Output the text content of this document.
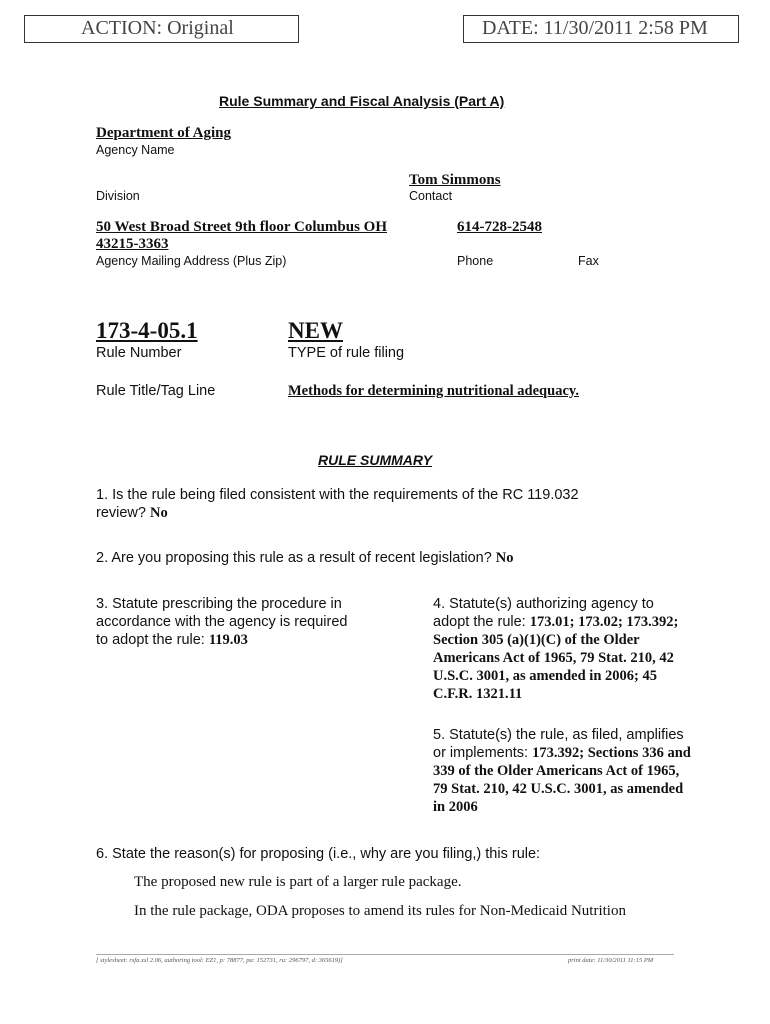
ACTION: Original	DATE: 11/30/2011 2:58 PM
Rule Summary and Fiscal Analysis (Part A)
Department of Aging
Agency Name
Tom Simmons
Division	Contact
50 West Broad Street 9th floor Columbus OH
43215-3363
614-728-2548
Agency Mailing Address (Plus Zip)	Phone	Fax
173-4-05.1	NEW
Rule Number	TYPE of rule filing
Rule Title/Tag Line	Methods for determining nutritional adequacy.
RULE SUMMARY
1. Is the rule being filed consistent with the requirements of the RC 119.032
review? No
2. Are you proposing this rule as a result of recent legislation? No
3. Statute prescribing the procedure in
accordance with the agency is required
to adopt the rule: 119.03
4. Statute(s) authorizing agency to
adopt the rule: 173.01; 173.02; 173.392;
Section 305 (a)(1)(C) of the Older
Americans Act of 1965, 79 Stat. 210, 42
U.S.C. 3001, as amended in 2006; 45
C.F.R. 1321.11
5. Statute(s) the rule, as filed, amplifies
or implements: 173.392; Sections 336 and
339 of the Older Americans Act of 1965,
79 Stat. 210, 42 U.S.C. 3001, as amended
in 2006
6. State the reason(s) for proposing (i.e., why are you filing,) this rule:
The proposed new rule is part of a larger rule package.
In the rule package, ODA proposes to amend its rules for Non-Medicaid Nutrition
[ stylesheet: rsfa.xsl 2.06, authoring tool: EZ1, p: 78877, pa: 152731, ra: 296797, d: 365619)]	print date: 11/30/2011 11:15 PM
